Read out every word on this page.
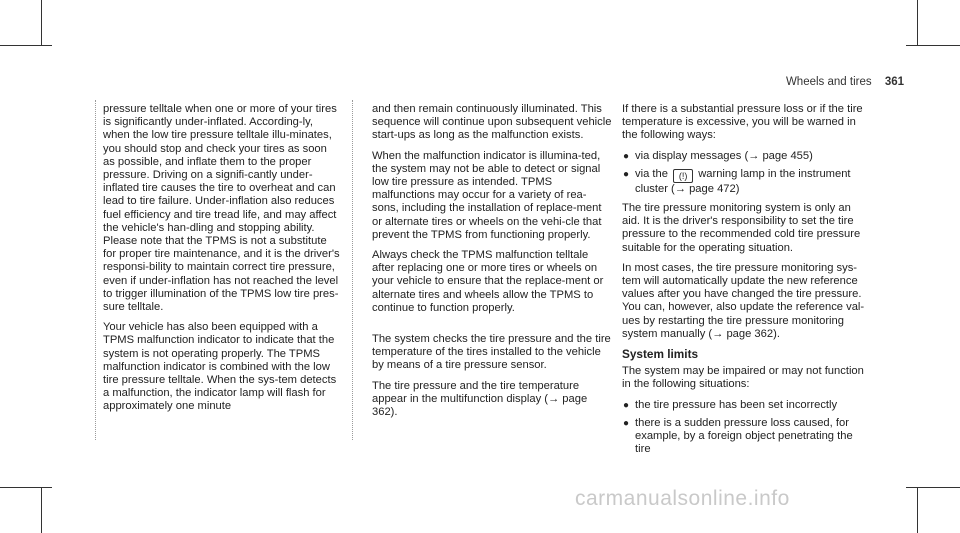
Wheels and tires 361

pressure telltale when one or more of your tires is significantly under-inflated. According-ly, when the low tire pressure telltale illu-minates, you should stop and check your tires as soon as possible, and inflate them to the proper pressure. Driving on a signifi-cantly under-inflated tire causes the tire to overheat and can lead to tire failure. Under-inflation also reduces fuel efficiency and tire tread life, and may affect the vehicle's han-dling and stopping ability. Please note that the TPMS is not a substitute for proper tire maintenance, and it is the driver's responsi-bility to maintain correct tire pressure, even if under-inflation has not reached the level to trigger illumination of the TPMS low tire pres-sure telltale.

Your vehicle has also been equipped with a TPMS malfunction indicator to indicate that the system is not operating properly. The TPMS malfunction indicator is combined with the low tire pressure telltale. When the sys-tem detects a malfunction, the indicator lamp will flash for approximately one minute

and then remain continuously illuminated. This sequence will continue upon subsequent vehicle start-ups as long as the malfunction exists.

When the malfunction indicator is illumina-ted, the system may not be able to detect or signal low tire pressure as intended. TPMS malfunctions may occur for a variety of rea-sons, including the installation of replace-ment or alternate tires or wheels on the vehi-cle that prevent the TPMS from functioning properly.

Always check the TPMS malfunction telltale after replacing one or more tires or wheels on your vehicle to ensure that the replace-ment or alternate tires and wheels allow the TPMS to continue to function properly.

The system checks the tire pressure and the tire temperature of the tires installed to the vehicle by means of a tire pressure sensor.

The tire pressure and the tire temperature appear in the multifunction display (→ page 362).

If there is a substantial pressure loss or if the tire temperature is excessive, you will be warned in the following ways:

● via display messages (→ page 455)
● via the (!) warning lamp in the instrument cluster (→ page 472)

The tire pressure monitoring system is only an aid. It is the driver's responsibility to set the tire pressure to the recommended cold tire pressure suitable for the operating situation.

In most cases, the tire pressure monitoring sys-tem will automatically update the new reference values after you have changed the tire pressure. You can, however, also update the reference val-ues by restarting the tire pressure monitoring system manually (→ page 362).

System limits

The system may be impaired or may not function in the following situations:

● the tire pressure has been set incorrectly
● there is a sudden pressure loss caused, for example, by a foreign object penetrating the tire
carmanualsonline.info
